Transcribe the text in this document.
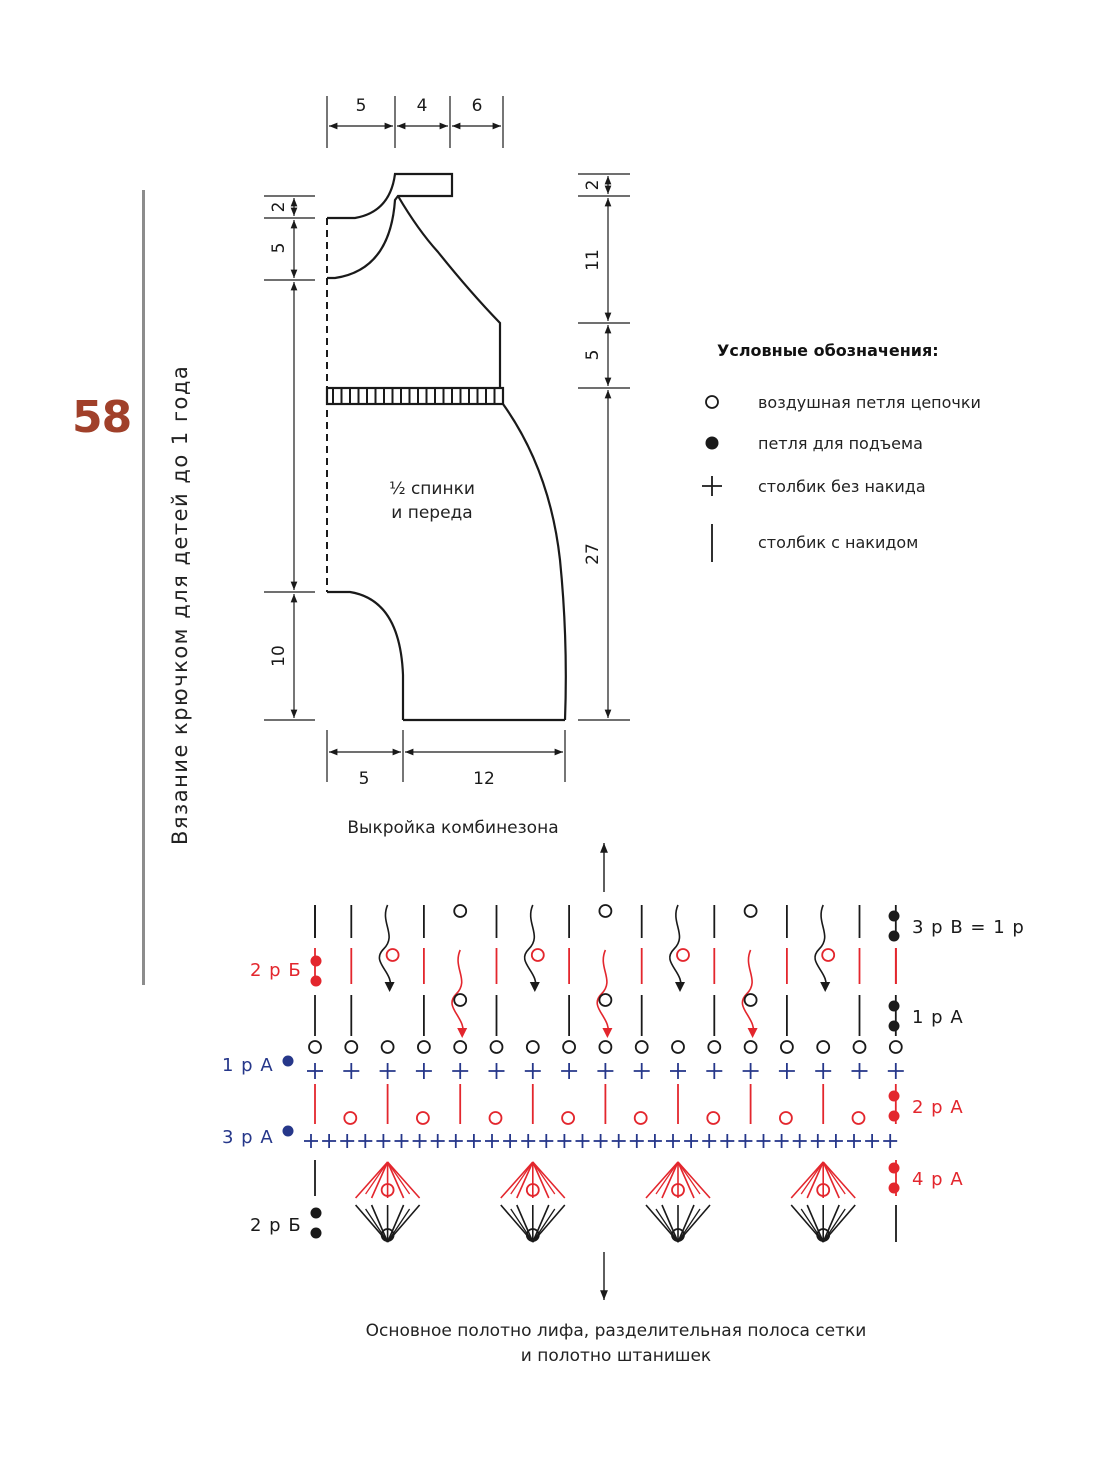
58 Вязание крючком для детей до 1 года
5	4	6
2
5
10
2
11
5
27
5	12
½ спинки
и переда
Выкройка комбинезона
Условные обозначения:
воздушная петля цепочки
петля для подъема
столбик без накида
столбик с накидом
3 р В = 1 р
1 р А
2 р А
4 р А
2 р Б
1 р А
3 р А
2 р Б
Основное полотно лифа, разделительная полоса сетки
и полотно штанишек
